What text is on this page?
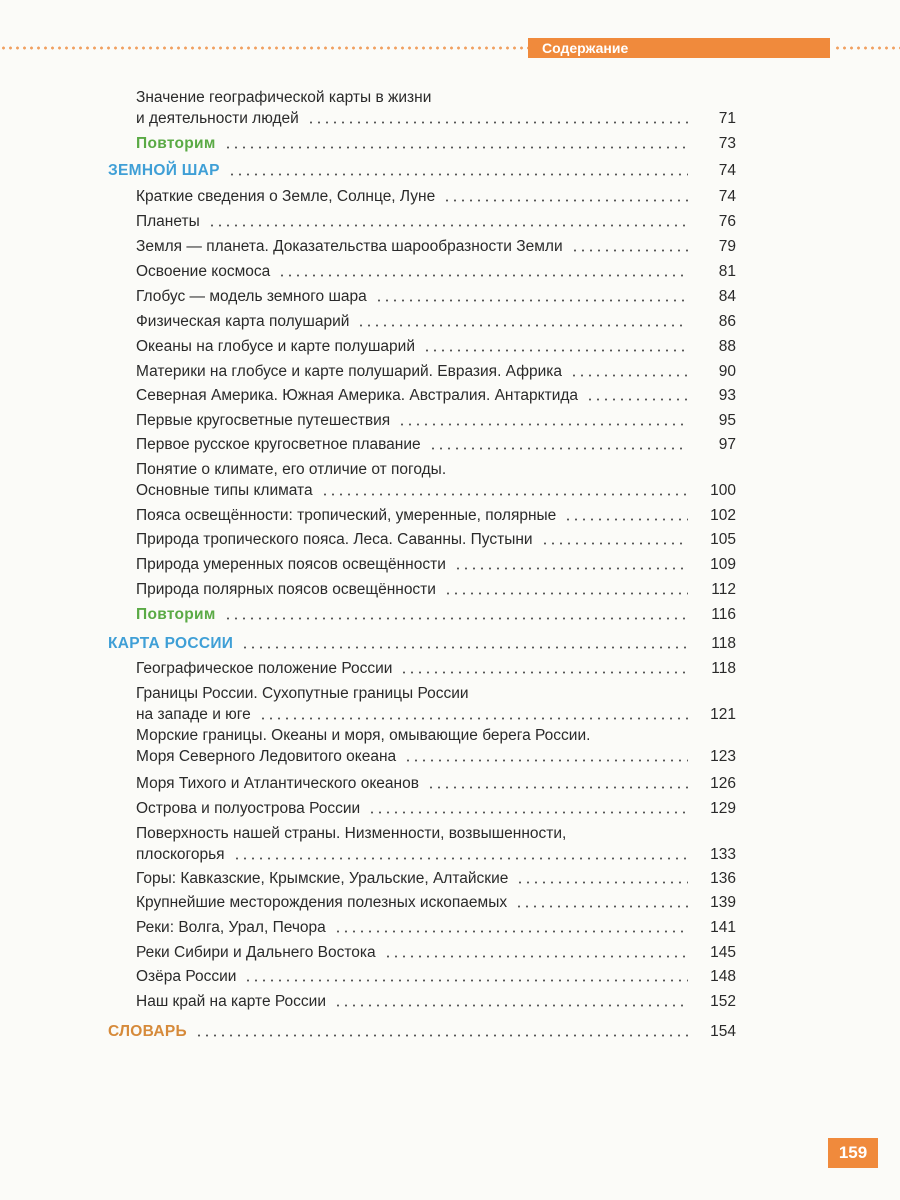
Содержание
Значение географической карты в жизни
и деятельности людей	71
Повторим	73
ЗЕМНОЙ ШАР	74
Краткие сведения о Земле, Солнце, Луне	74
Планеты	76
Земля — планета. Доказательства шарообразности Земли	79
Освоение космоса	81
Глобус — модель земного шара	84
Физическая карта полушарий	86
Океаны на глобусе и карте полушарий	88
Материки на глобусе и карте полушарий. Евразия. Африка	90
Северная Америка. Южная Америка. Австралия. Антарктида	93
Первые кругосветные путешествия	95
Первое русское кругосветное плавание	97
Понятие о климате, его отличие от погоды.
Основные типы климата	100
Пояса освещённости: тропический, умеренные, полярные	102
Природа тропического пояса. Леса. Саванны. Пустыни	105
Природа умеренных поясов освещённости	109
Природа полярных поясов освещённости	112
Повторим	116
КАРТА РОССИИ	118
Географическое положение России	118
Границы России. Сухопутные границы России
на западе и юге	121
Морские границы. Океаны и моря, омывающие берега России.
Моря Северного Ледовитого океана	123
Моря Тихого и Атлантического океанов	126
Острова и полуострова России	129
Поверхность нашей страны. Низменности, возвышенности,
плоскогорья	133
Горы: Кавказские, Крымские, Уральские, Алтайские	136
Крупнейшие месторождения полезных ископаемых	139
Реки: Волга, Урал, Печора	141
Реки Сибири и Дальнего Востока	145
Озёра России	148
Наш край на карте России	152
СЛОВАРЬ	154
159
